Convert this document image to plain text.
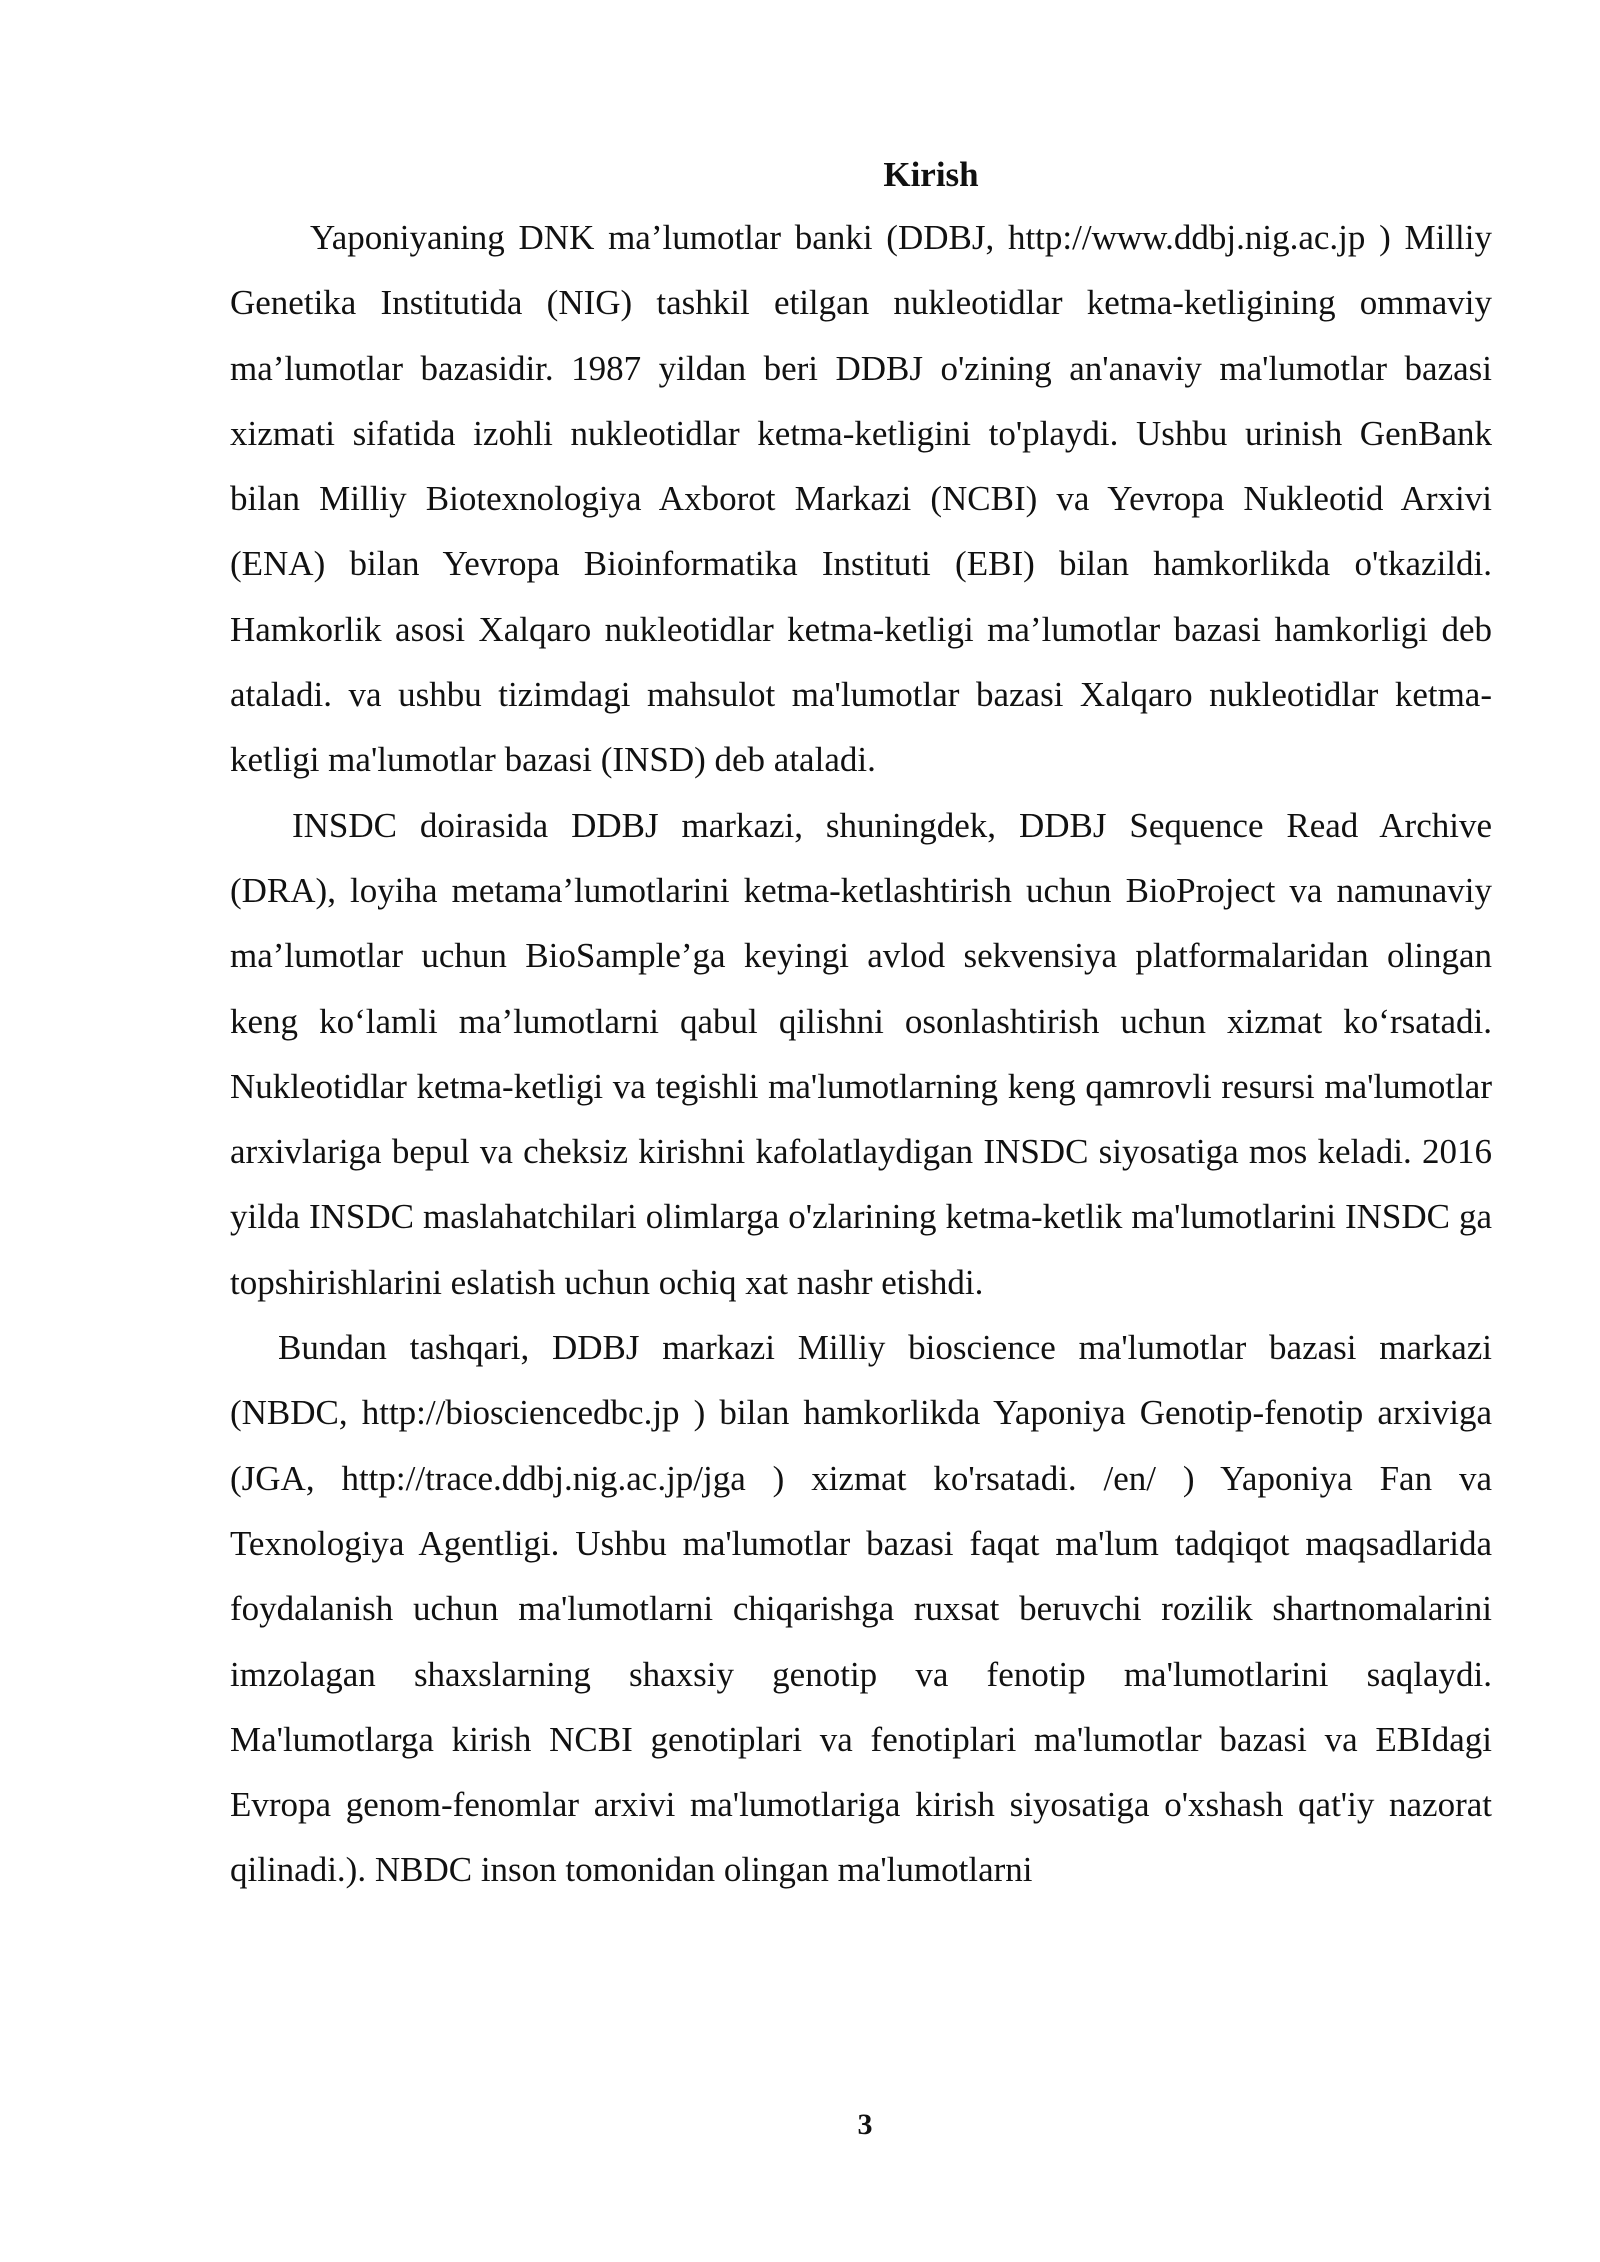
Kirish

Yaponiyaning DNK ma’lumotlar banki (DDBJ, http://www.ddbj.nig.ac.jp ) Milliy Genetika Institutida (NIG) tashkil etilgan nukleotidlar ketma-ketligining ommaviy ma’lumotlar bazasidir. 1987 yildan beri DDBJ o'zining an'anaviy ma'lumotlar bazasi xizmati sifatida izohli nukleotidlar ketma-ketligini to'playdi. Ushbu urinish GenBank bilan Milliy Biotexnologiya Axborot Markazi (NCBI) va Yevropa Nukleotid Arxivi (ENA) bilan Yevropa Bioinformatika Instituti (EBI) bilan hamkorlikda o'tkazildi. Hamkorlik asosi Xalqaro nukleotidlar ketma-ketligi ma’lumotlar bazasi hamkorligi deb ataladi. va ushbu tizimdagi mahsulot ma'lumotlar bazasi Xalqaro nukleotidlar ketma-ketligi ma'lumotlar bazasi (INSD) deb ataladi.

INSDC doirasida DDBJ markazi, shuningdek, DDBJ Sequence Read Archive (DRA), loyiha metama’lumotlarini ketma-ketlashtirish uchun BioProject va namunaviy ma’lumotlar uchun BioSample’ga keyingi avlod sekvensiya platformalaridan olingan keng ko‘lamli ma’lumotlarni qabul qilishni osonlashtirish uchun xizmat ko‘rsatadi. Nukleotidlar ketma-ketligi va tegishli ma'lumotlarning keng qamrovli resursi ma'lumotlar arxivlariga bepul va cheksiz kirishni kafolatlaydigan INSDC siyosatiga mos keladi. 2016 yilda INSDC maslahatchilari olimlarga o'zlarining ketma-ketlik ma'lumotlarini INSDC ga topshirishlarini eslatish uchun ochiq xat nashr etishdi.

Bundan tashqari, DDBJ markazi Milliy bioscience ma'lumotlar bazasi markazi (NBDC, http://biosciencedbc.jp ) bilan hamkorlikda Yaponiya Genotip-fenotip arxiviga (JGA, http://trace.ddbj.nig.ac.jp/jga ) xizmat ko'rsatadi. /en/ ) Yaponiya Fan va Texnologiya Agentligi. Ushbu ma'lumotlar bazasi faqat ma'lum tadqiqot maqsadlarida foydalanish uchun ma'lumotlarni chiqarishga ruxsat beruvchi rozilik shartnomalarini imzolagan shaxslarning shaxsiy genotip va fenotip ma'lumotlarini saqlaydi. Ma'lumotlarga kirish NCBI genotiplari va fenotiplari ma'lumotlar bazasi va EBIdagi Evropa genom-fenomlar arxivi ma'lumotlariga kirish siyosatiga o'xshash qat'iy nazorat qilinadi.). NBDC inson tomonidan olingan ma'lumotlarni

3
